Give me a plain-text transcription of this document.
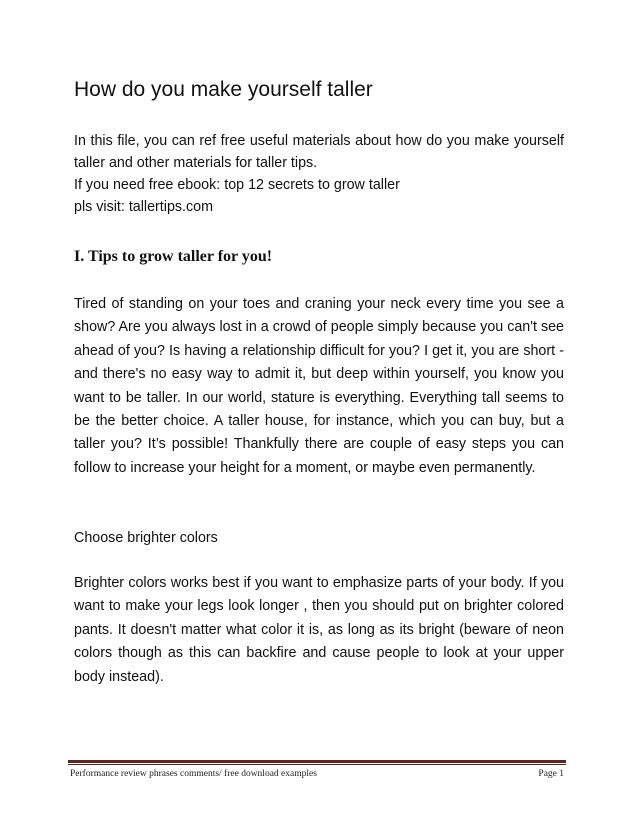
How do you make yourself taller

In this file, you can ref free useful materials about how do you make yourself taller and other materials for taller tips.

If you need free ebook: top 12 secrets to grow taller

pls visit: tallertips.com

I. Tips to grow taller for you!

Tired of standing on your toes and craning your neck every time you see a show? Are you always lost in a crowd of people simply because you can't see ahead of you? Is having a relationship difficult for you? I get it, you are short - and there's no easy way to admit it, but deep within yourself, you know you want to be taller. In our world, stature is everything. Everything tall seems to be the better choice. A taller house, for instance, which you can buy, but a taller you? It’s possible! Thankfully there are couple of easy steps you can follow to increase your height for a moment, or maybe even permanently.

Choose brighter colors

Brighter colors works best if you want to emphasize parts of your body. If you want to make your legs look longer , then you should put on brighter colored pants. It doesn't matter what color it is, as long as its bright (beware of neon colors though as this can backfire and cause people to look at your upper body instead).

Performance review phrases comments/ free download examples	Page 1
